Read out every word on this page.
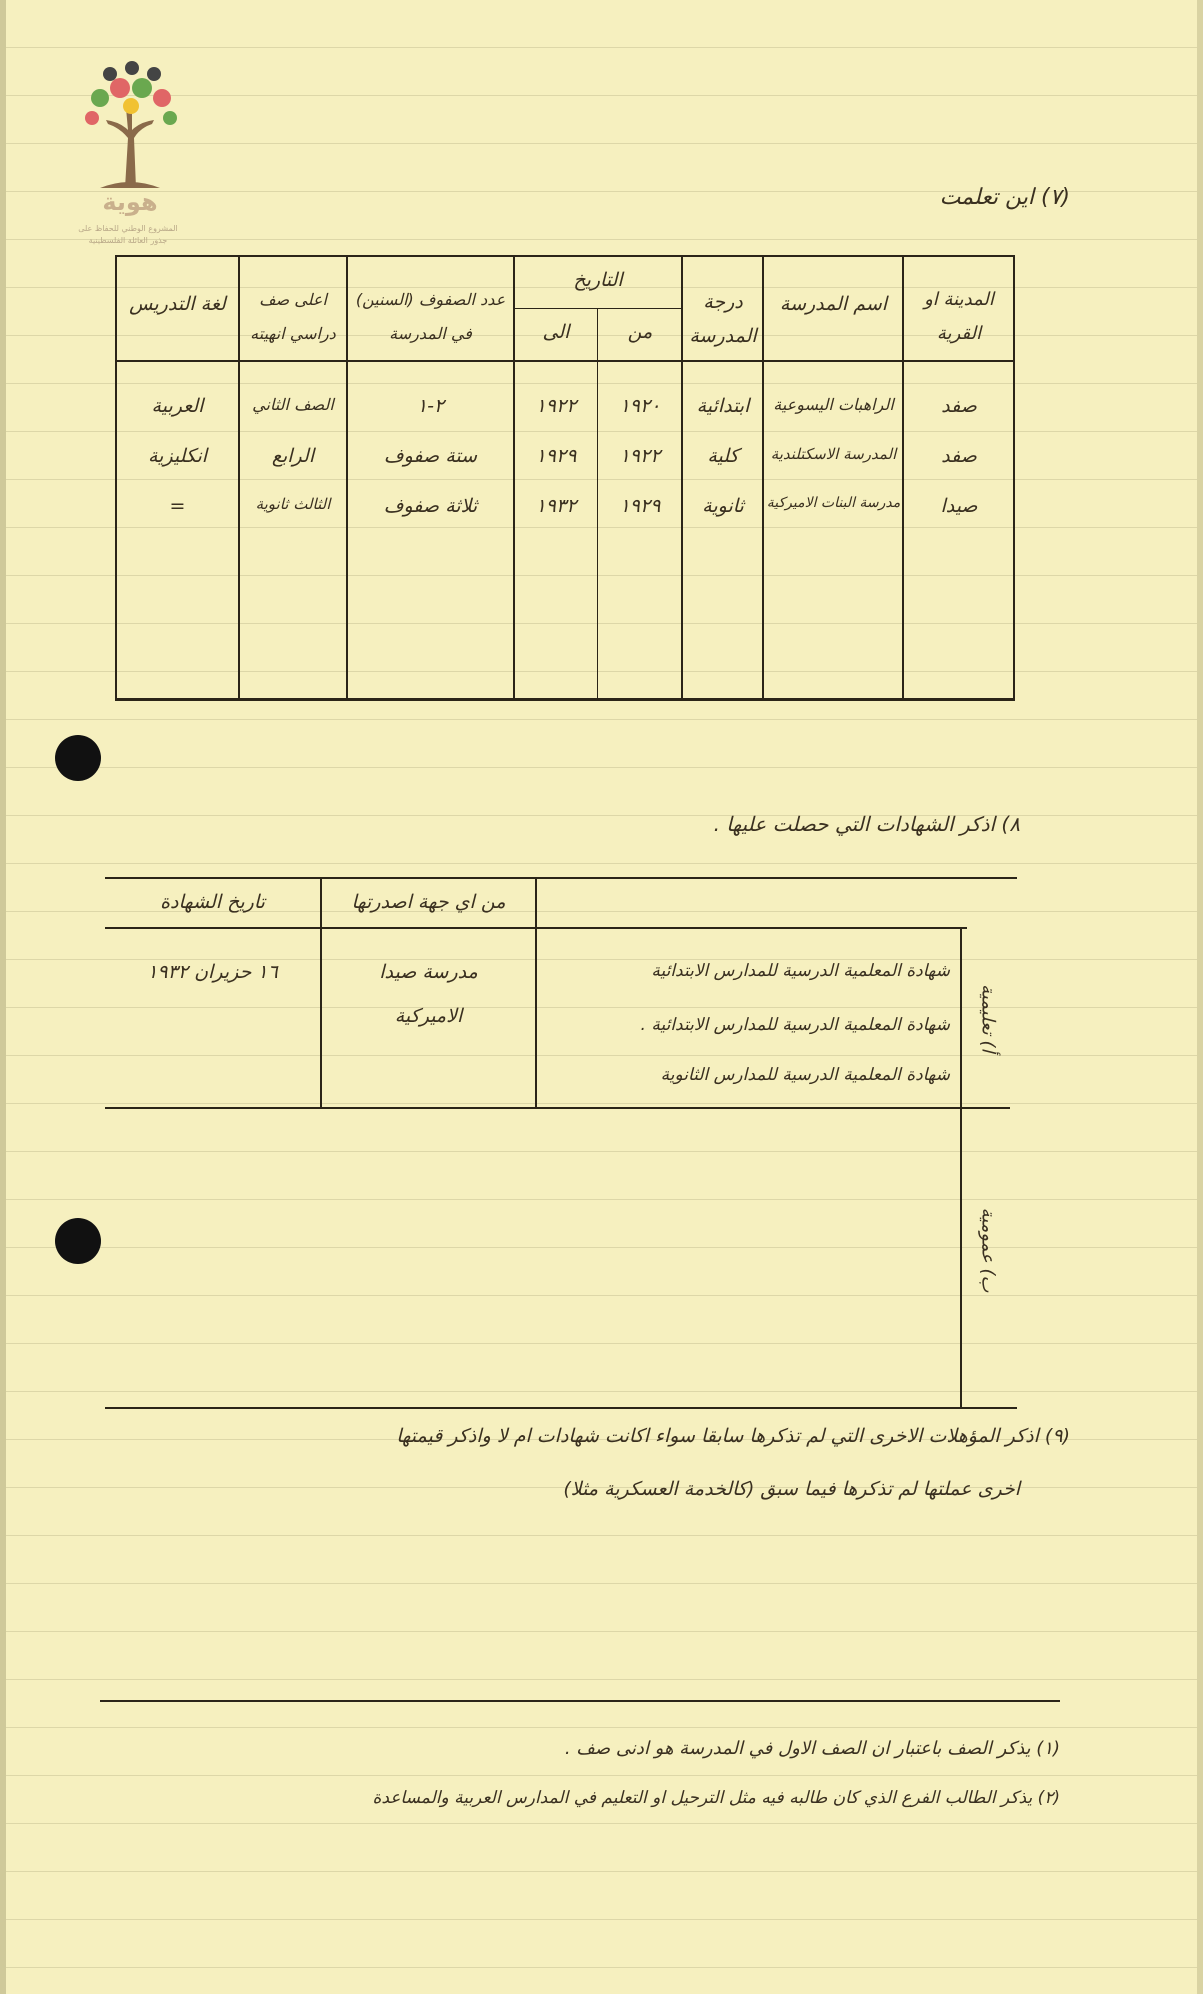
هوية
المشروع الوطني للحفاظ على
جذور العائلة الفلسطينية
(٧) اين تعلمت
المدينة او القرية
اسم المدرسة
درجة المدرسة
التاريخ
من
الى
عدد الصفوف (السنين) في المدرسة
اعلى صف دراسي انهيته
لغة التدريس
صفد
الراهبات اليسوعية
ابتدائية
١٩٢٠
١٩٢٢
٢-١
الصف الثاني
العربية
صفد
المدرسة الاسكتلندية
كلية
١٩٢٢
١٩٢٩
ستة صفوف
الرابع
انكليزية
صيدا
مدرسة البنات الاميركية
ثانوية
١٩٢٩
١٩٣٢
ثلاثة صفوف
الثالث ثانوية
=
٨) اذكر الشهادات التي حصلت عليها .
تاريخ الشهادة	من اي جهة اصدرتها
شهادة المعلمية الدرسية للمدارس الابتدائية
شهادة المعلمية الدرسية للمدارس الابتدائية .
شهادة المعلمية الدرسية للمدارس الثانوية
مدرسة صيدا
الاميركية
١٦ حزيران ١٩٣٢
أ) تعليمية
ب) عمومية
(٩) اذكر المؤهلات الاخرى التي لم تذكرها سابقا سواء اكانت شهادات ام لا واذكر قيمتها
اخرى عملتها لم تذكرها فيما سبق (كالخدمة العسكرية مثلا)
(١) يذكر الصف باعتبار ان الصف الاول في المدرسة هو ادنى صف .
(٢) يذكر الطالب الفرع الذي كان طالبه فيه مثل الترحيل او التعليم في المدارس العربية والمساعدة
